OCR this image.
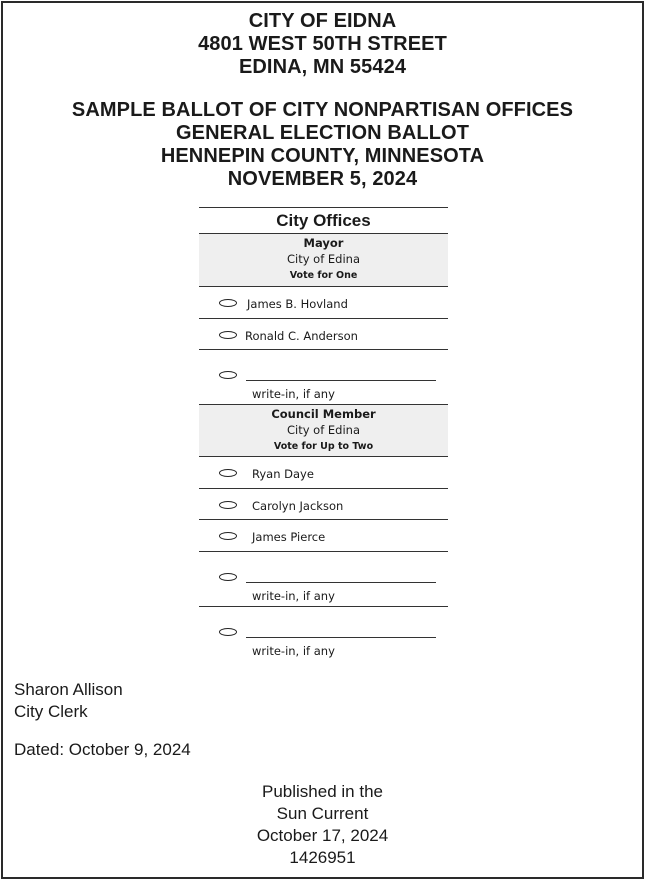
CITY OF EIDNA
4801 WEST 50TH STREET
EDINA, MN 55424
SAMPLE BALLOT OF CITY NONPARTISAN OFFICES
GENERAL ELECTION BALLOT
HENNEPIN COUNTY, MINNESOTA
NOVEMBER 5, 2024
City Offices
Mayor
City of Edina
Vote for One
James B. Hovland
Ronald C. Anderson
write-in, if any
Council Member
City of Edina
Vote for Up to Two
Ryan Daye
Carolyn Jackson
James Pierce
write-in, if any
write-in, if any
Sharon Allison
City Clerk
Dated: October 9, 2024
Published in the
Sun Current
October 17, 2024
1426951
